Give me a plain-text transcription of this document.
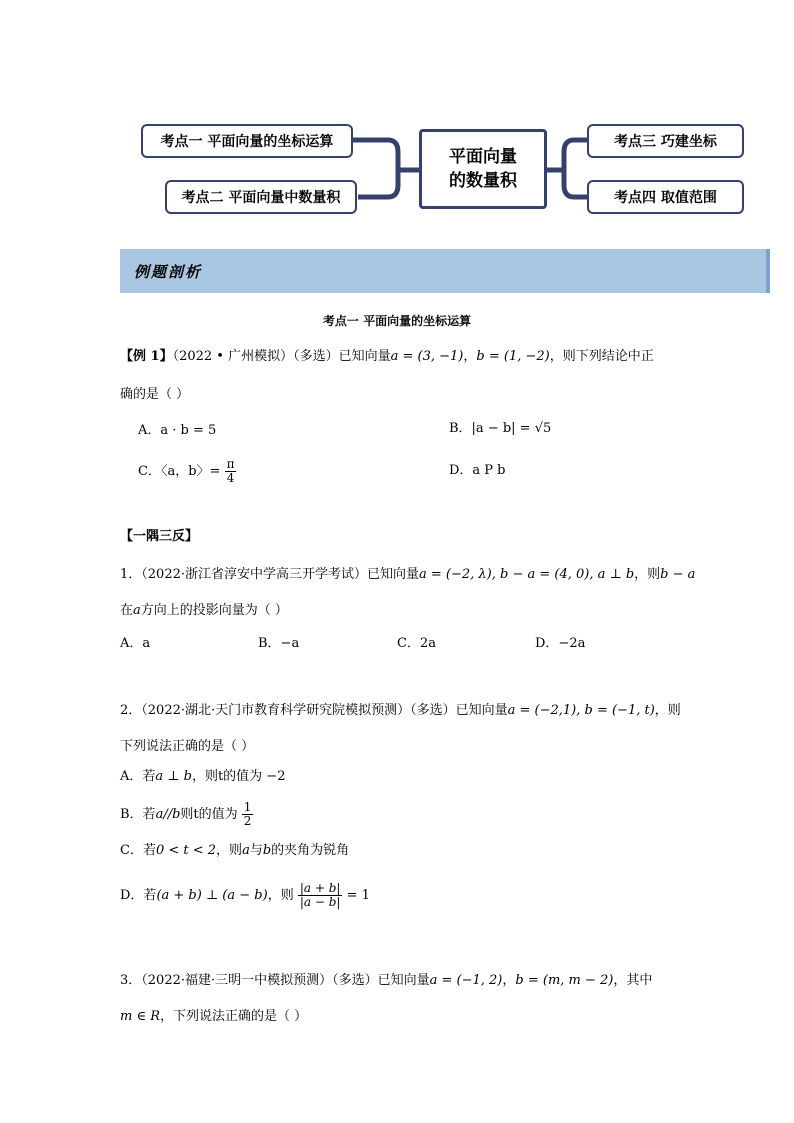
考点一 平面向量的坐标运算
考点二 平面向量中数量积
平面向量
的数量积
考点三 巧建坐标
考点四 取值范围
例题剖析
考点一 平面向量的坐标运算
【例 1】（2022 • 广州模拟）（多选）已知向量a = (3, −1)，b = (1, −2)，则下列结论中正
确的是（ ）
A．a · b = 5	B．|a − b| = √5
C．〈a，b〉= $\frac{\pi}{4}$	D．a P b
【一隅三反】
1．（2022·浙江省淳安中学高三开学考试）已知向量a = (−2, λ), b − a = (4, 0), a ⊥ b，则b − a
在a方向上的投影向量为（ ）
A．a	B．−a	C．2a	D．−2a
2．（2022·湖北·天门市教育科学研究院模拟预测）（多选）已知向量a = (−2,1), b = (−1, t)，则
下列说法正确的是（ ）
A．若a ⊥ b，则t的值为 −2
B．若a//b则t的值为 $\frac{1}{2}$
C．若0 < t < 2，则a与b的夹角为锐角
D．若(a + b) ⊥ (a − b)，则 $\frac{|a + b|}{|a - b|} = 1$
3．（2022·福建·三明一中模拟预测）（多选）已知向量a = (−1, 2)，b = (m, m − 2)，其中
m ∈ R，下列说法正确的是（ ）
